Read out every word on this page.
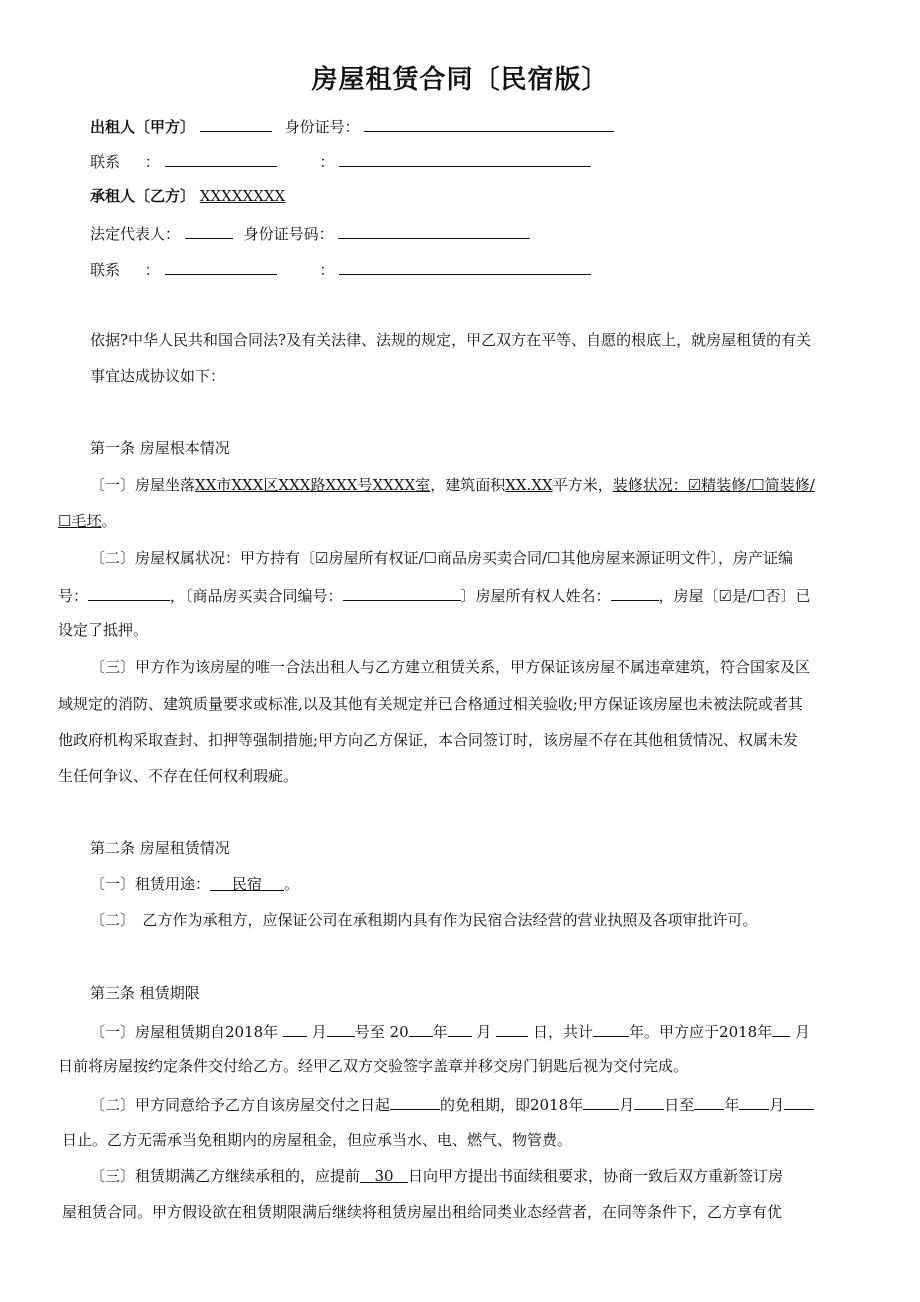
房屋租赁合同〔民宿版〕
出租人〔甲方〕	身份证号：
联系 ：	：
承租人〔乙方〕 XXXXXXXX
法定代表人：	身份证号码：
联系 ：	：
依据?中华人民共和国合同法?及有关法律、法规的规定，甲乙双方在平等、自愿的根底上，就房屋租赁的有关
事宜达成协议如下：
第一条 房屋根本情况
〔一〕房屋坐落XX市XXX区XXX路XXX号XXXX室，建筑面积XX.XX平方米，装修状况：☑精装修/☐简装修/
☐毛坯。
〔二〕房屋权属状况：甲方持有〔☑房屋所有权证/☐商品房买卖合同/☐其他房屋来源证明文件〕，房产证编
号：	，〔商品房买卖合同编号：	〕房屋所有权人姓名：	，房屋〔☑是/☐否〕已
设定了抵押。
〔三〕甲方作为该房屋的唯一合法出租人与乙方建立租赁关系，甲方保证该房屋不属违章建筑，符合国家及区
域规定的消防、建筑质量要求或标准,以及其他有关规定并已合格通过相关验收;甲方保证该房屋也未被法院或者其
他政府机构采取查封、扣押等强制措施;甲方向乙方保证，本合同签订时，该房屋不存在其他租赁情况、权属未发
生任何争议、不存在任何权利瑕疵。
第二条 房屋租赁情况
〔一〕租赁用途： 民宿 。
〔二〕　乙方作为承租方，应保证公司在承租期内具有作为民宿合法经营的营业执照及各项审批许可。
第三条 租赁期限
〔一〕房屋租赁期自2018年 月 号至 20 年 月	日，共计 年。甲方应于2018年 月
日前将房屋按约定条件交付给乙方。经甲乙双方交验签字盖章并移交房门钥匙后视为交付完成。
〔二〕甲方同意给予乙方自该房屋交付之日起	的免租期，即2018年 月 日至 年 月
日止。乙方无需承当免租期内的房屋租金，但应承当水、电、燃气、物管费。
〔三〕租赁期满乙方继续承租的，应提前 30 日向甲方提出书面续租要求，协商一致后双方重新签订房
屋租赁合同。甲方假设欲在租赁期限满后继续将租赁房屋出租给同类业态经营者，在同等条件下，乙方享有优
